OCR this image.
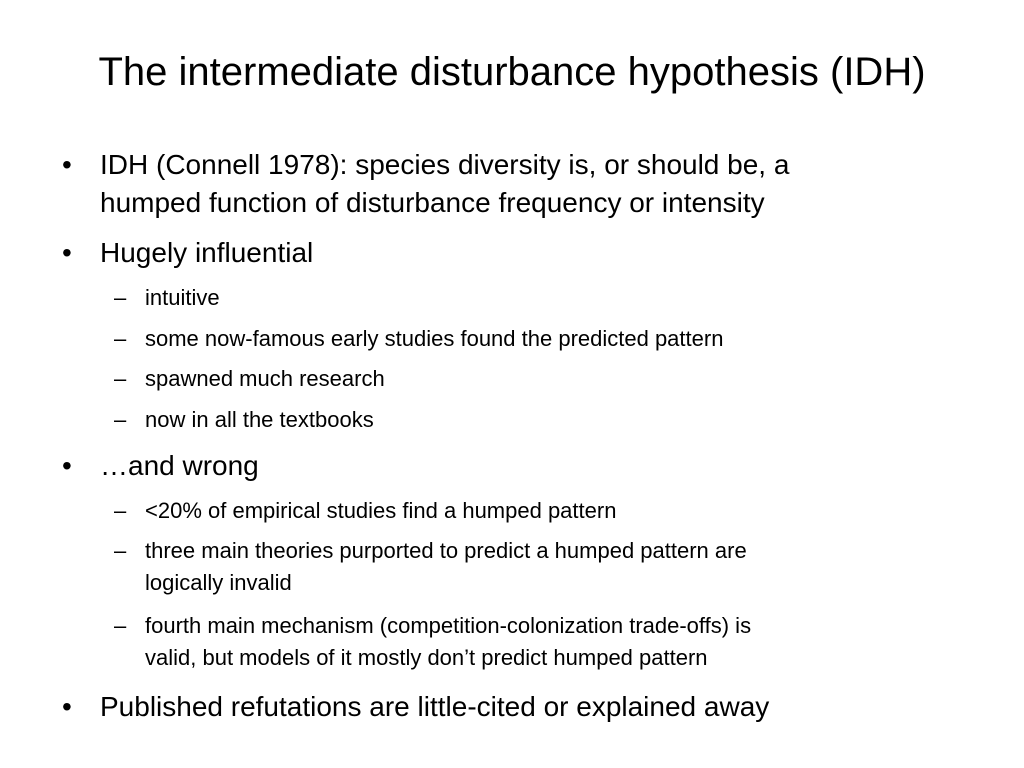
The intermediate disturbance hypothesis (IDH)
•	IDH (Connell 1978): species diversity is, or should be, a
humped function of disturbance frequency or intensity
•	Hugely influential
– intuitive
– some now-famous early studies found the predicted pattern
– spawned much research
– now in all the textbooks
•	…and wrong
– <20% of empirical studies find a humped pattern
– three main theories purported to predict a humped pattern are
logically invalid
– fourth main mechanism (competition-colonization trade-offs) is
valid, but models of it mostly don’t predict humped pattern
•	Published refutations are little-cited or explained away
